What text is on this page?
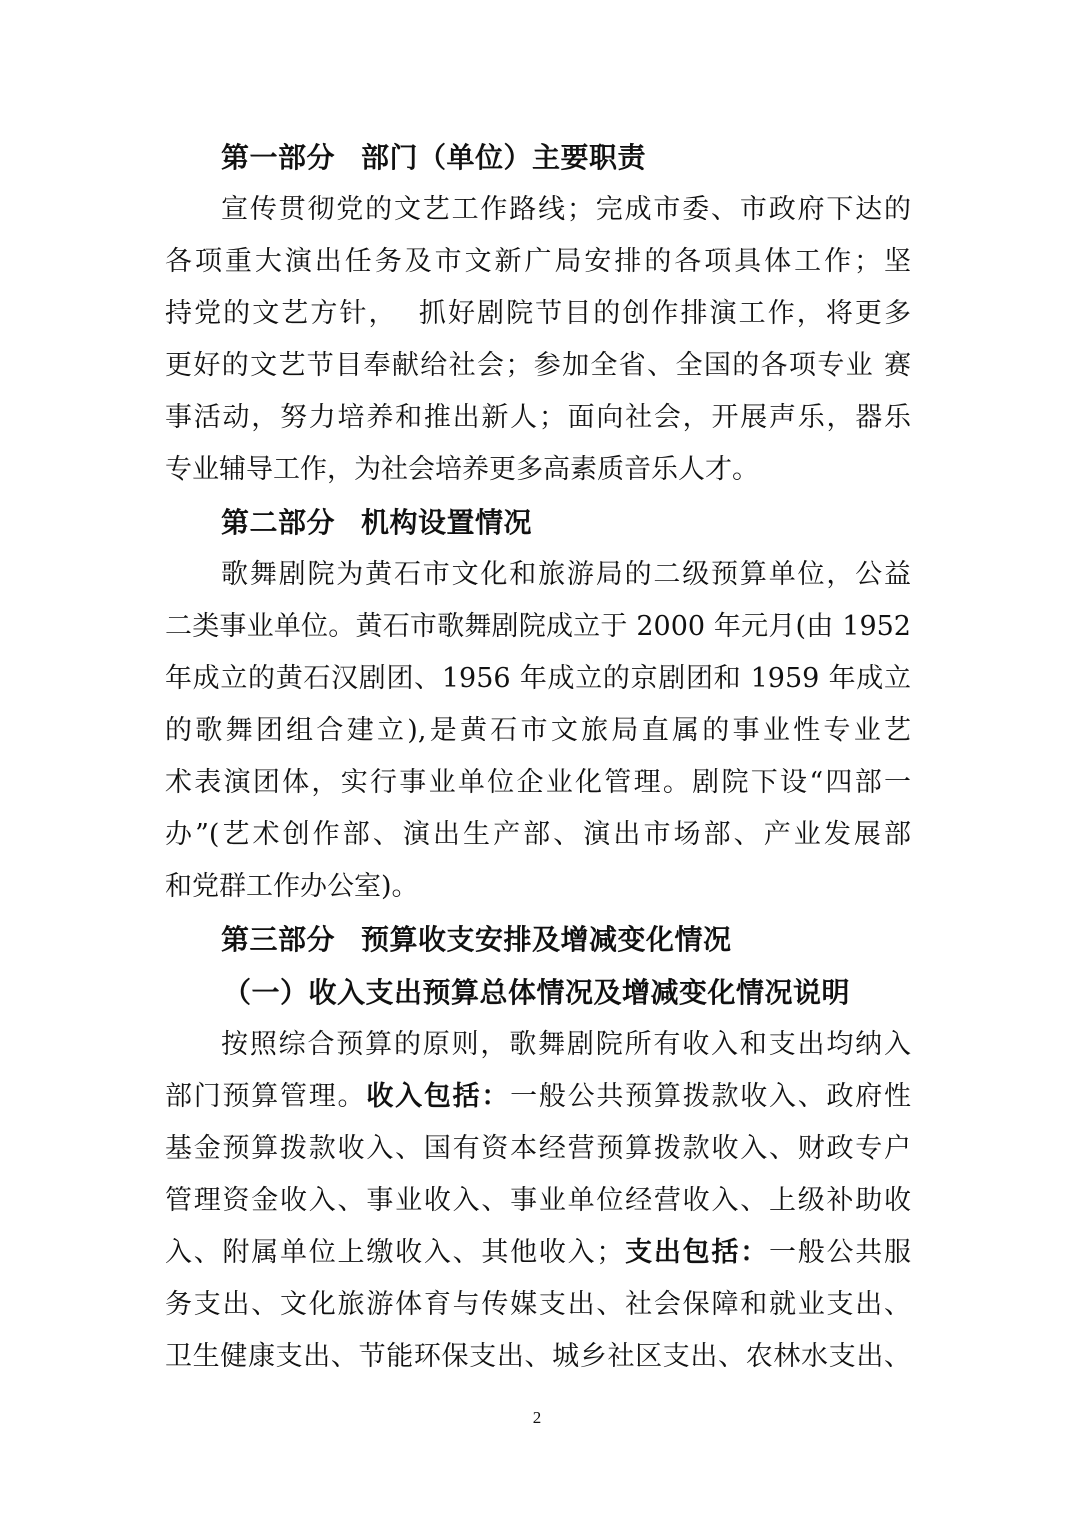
第一部分 部门（单位）主要职责
宣传贯彻党的文艺工作路线；完成市委、市政府下达的
各项重大演出任务及市文新广局安排的各项具体工作；坚
持党的文艺方针，  抓好剧院节目的创作排演工作，将更多
更好的文艺节目奉献给社会；参加全省、全国的各项专业 赛
事活动，努力培养和推出新人；面向社会，开展声乐，器乐
专业辅导工作，为社会培养更多高素质音乐人才。
第二部分 机构设置情况
歌舞剧院为黄石市文化和旅游局的二级预算单位，公益
二类事业单位。黄石市歌舞剧院成立于 2000 年元月(由 1952
年成立的黄石汉剧团、1956 年成立的京剧团和 1959 年成立
的歌舞团组合建立),是黄石市文旅局直属的事业性专业艺
术表演团体，实行事业单位企业化管理。剧院下设“四部一
办”(艺术创作部、演出生产部、演出市场部、产业发展部
和党群工作办公室)。
第三部分 预算收支安排及增减变化情况
（一）收入支出预算总体情况及增减变化情况说明
按照综合预算的原则，歌舞剧院所有收入和支出均纳入
部门预算管理。收入包括：一般公共预算拨款收入、政府性
基金预算拨款收入、国有资本经营预算拨款收入、财政专户
管理资金收入、事业收入、事业单位经营收入、上级补助收
入、附属单位上缴收入、其他收入；支出包括：一般公共服
务支出、文化旅游体育与传媒支出、社会保障和就业支出、
卫生健康支出、节能环保支出、城乡社区支出、农林水支出、
2
